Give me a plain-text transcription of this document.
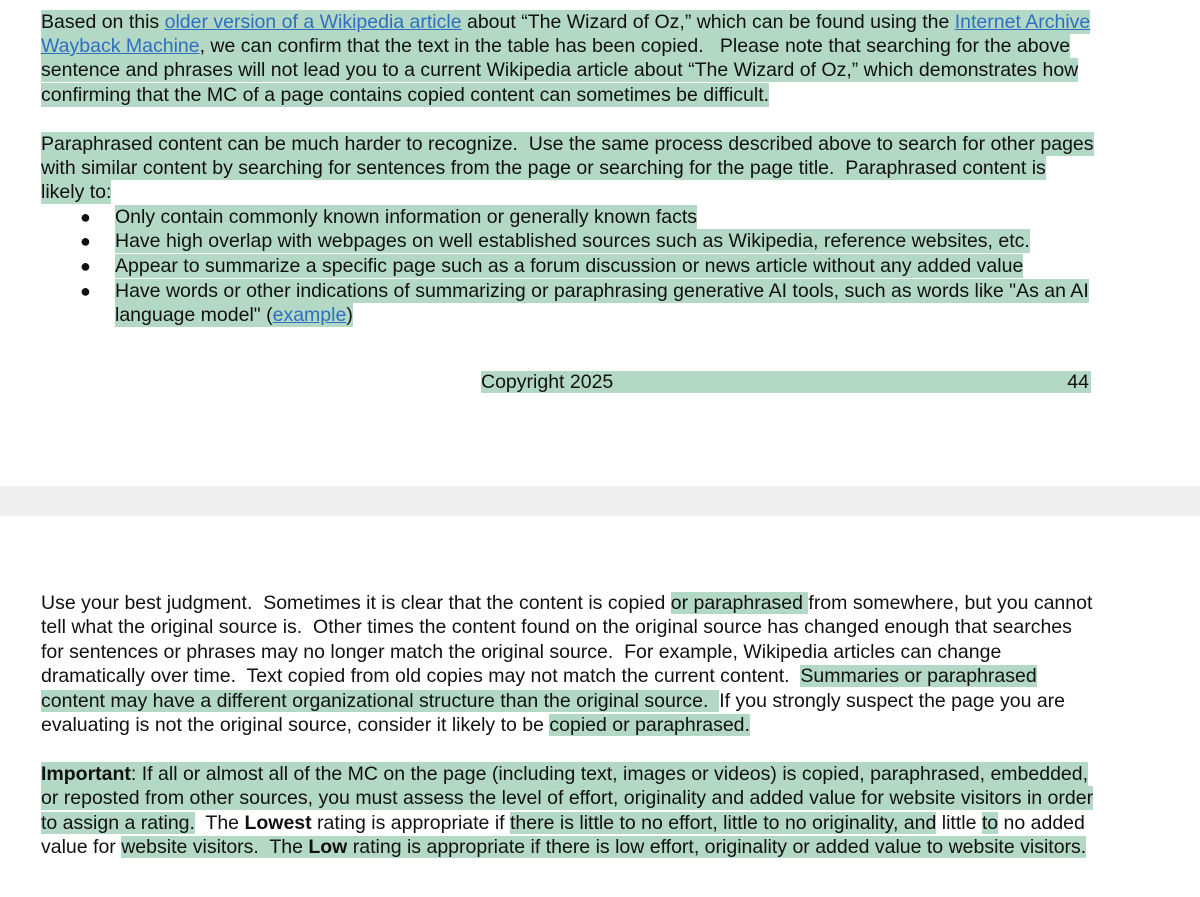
Based on this older version of a Wikipedia article about “The Wizard of Oz,” which can be found using the Internet Archive
Wayback Machine, we can confirm that the text in the table has been copied.   Please note that searching for the above
sentence and phrases will not lead you to a current Wikipedia article about “The Wizard of Oz,” which demonstrates how
confirming that the MC of a page contains copied content can sometimes be difficult.
Paraphrased content can be much harder to recognize.  Use the same process described above to search for other pages
with similar content by searching for sentences from the page or searching for the page title.  Paraphrased content is
likely to:
● Only contain commonly known information or generally known facts
● Have high overlap with webpages on well established sources such as Wikipedia, reference websites, etc.
● Appear to summarize a specific page such as a forum discussion or news article without any added value
● Have words or other indications of summarizing or paraphrasing generative AI tools, such as words like "As an AI
language model" (example)
Copyright 2025	44
Use your best judgment.  Sometimes it is clear that the content is copied or paraphrased from somewhere, but you cannot
tell what the original source is.  Other times the content found on the original source has changed enough that searches
for sentences or phrases may no longer match the original source.  For example, Wikipedia articles can change
dramatically over time.  Text copied from old copies may not match the current content.  Summaries or paraphrased
content may have a different organizational structure than the original source.  If you strongly suspect the page you are
evaluating is not the original source, consider it likely to be copied or paraphrased.
Important: If all or almost all of the MC on the page (including text, images or videos) is copied, paraphrased, embedded,
or reposted from other sources, you must assess the level of effort, originality and added value for website visitors in order
to assign a rating.  The Lowest rating is appropriate if there is little to no effort, little to no originality, and little to no added
value for website visitors.  The Low rating is appropriate if there is low effort, originality or added value to website visitors.
